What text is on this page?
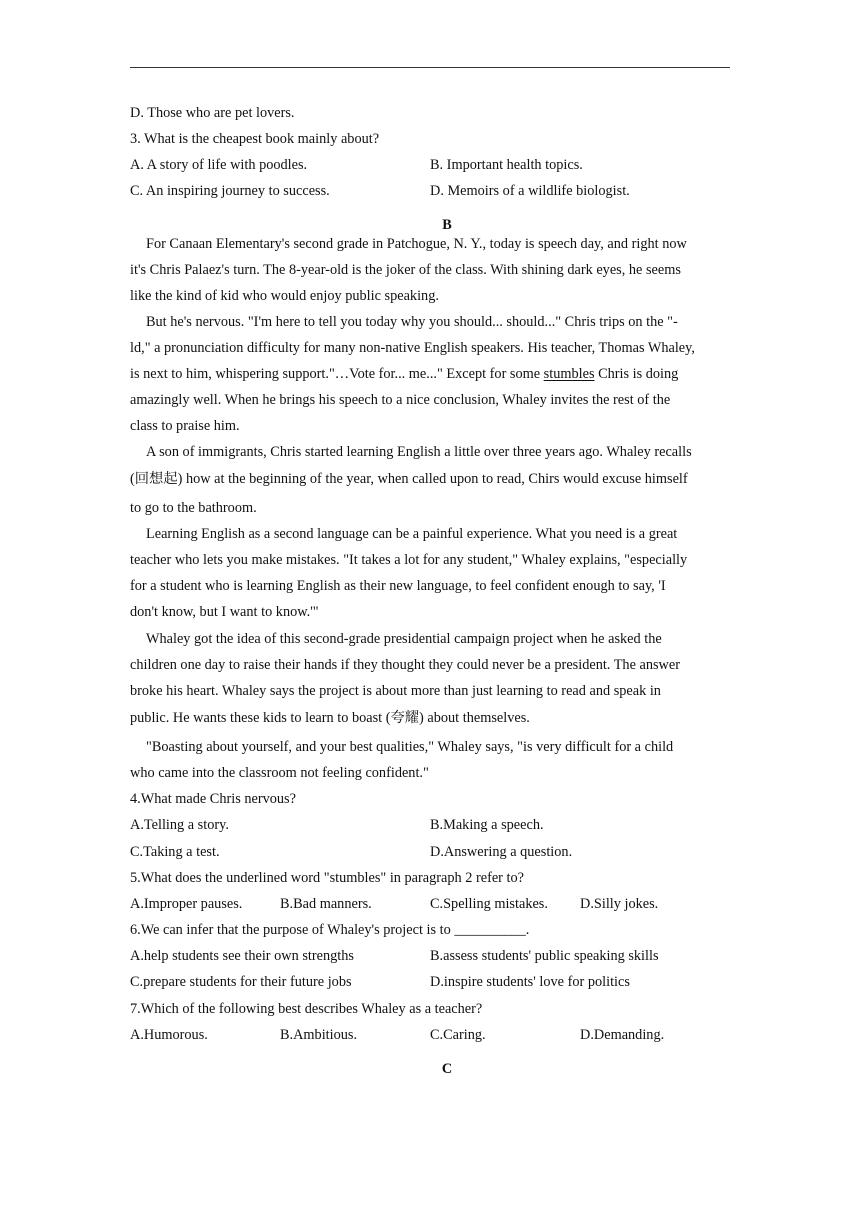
D. Those who are pet lovers.
3. What is the cheapest book mainly about?
A. A story of life with poodles.	B. Important health topics.
C. An inspiring journey to success.	D. Memoirs of a wildlife biologist.
B
For Canaan Elementary's second grade in Patchogue, N. Y., today is speech day, and right now
it's Chris Palaez's turn. The 8-year-old is the joker of the class. With shining dark eyes, he seems
like the kind of kid who would enjoy public speaking.
But he's nervous. "I'm here to tell you today why you should... should..." Chris trips on the "-
ld," a pronunciation difficulty for many non-native English speakers. His teacher, Thomas Whaley,
is next to him, whispering support."…Vote for... me..." Except for some stumbles Chris is doing
amazingly well. When he brings his speech to a nice conclusion, Whaley invites the rest of the
class to praise him.
A son of immigrants, Chris started learning English a little over three years ago. Whaley recalls
(回想起) how at the beginning of the year, when called upon to read, Chirs would excuse himself
to go to the bathroom.
Learning English as a second language can be a painful experience. What you need is a great
teacher who lets you make mistakes. "It takes a lot for any student," Whaley explains, "especially
for a student who is learning English as their new language, to feel confident enough to say, 'I
don't know, but I want to know.'"
Whaley got the idea of this second-grade presidential campaign project when he asked the
children one day to raise their hands if they thought they could never be a president. The answer
broke his heart. Whaley says the project is about more than just learning to read and speak in
public. He wants these kids to learn to boast (夸耀) about themselves.
"Boasting about yourself, and your best qualities," Whaley says, "is very difficult for a child
who came into the classroom not feeling confident."
4.What made Chris nervous?
A.Telling a story.	B.Making a speech.
C.Taking a test.	D.Answering a question.
5.What does the underlined word "stumbles" in paragraph 2 refer to?
A.Improper pauses.	B.Bad manners.	C.Spelling mistakes. D.Silly jokes.
6.We can infer that the purpose of Whaley's project is to __________.
A.help students see their own strengths	B.assess students' public speaking skills
C.prepare students for their future jobs	D.inspire students' love for politics
7.Which of the following best describes Whaley as a teacher?
A.Humorous.	B.Ambitious.	C.Caring.	D.Demanding.
C
